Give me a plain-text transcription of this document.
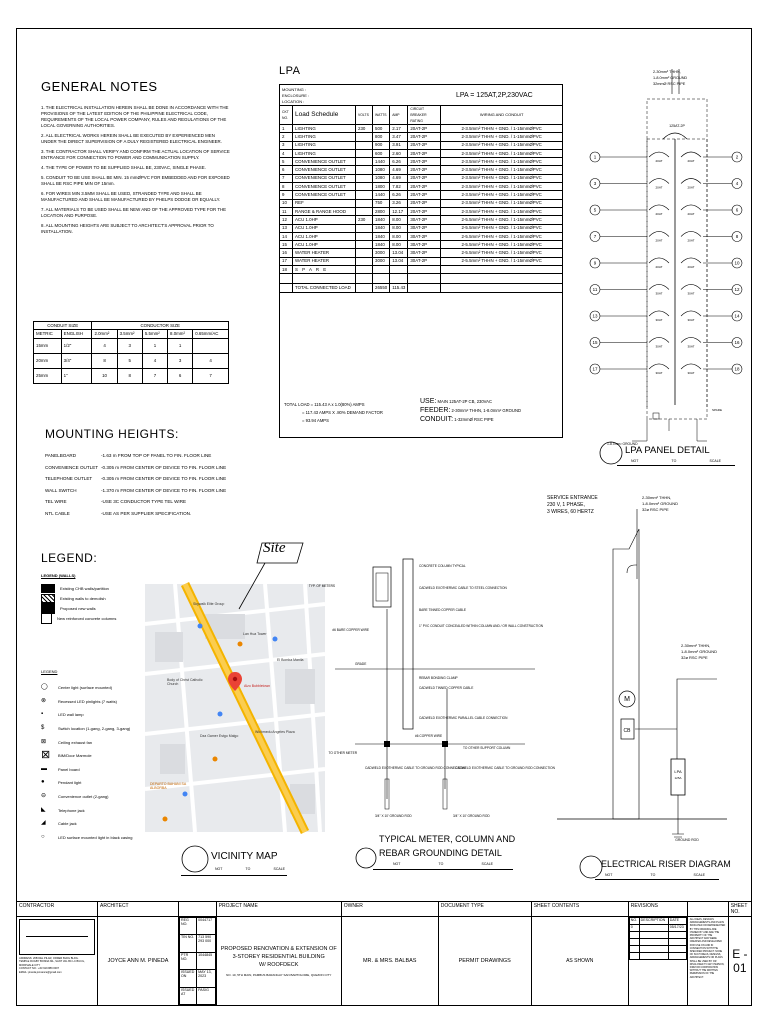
GENERAL NOTES

1. THE ELECTRICAL INSTALLATION HEREIN SHALL BE DONE IN ACCORDANCE WITH THE PROVISIONS OF THE LATEST EDITION OF THE PHILIPPINE ELECTRICAL CODE, REQUIREMENTS OF THE LOCAL POWER COMPANY, RULES AND REGULATIONS OF THE LOCAL GOVERNING AUTHORITIES.

2. ALL ELECTRICAL WORKS HEREIN SHALL BE EXECUTED BY EXPERIENCED MEN UNDER THE DIRECT SUPERVISION OF A DULY REGISTERED ELECTRICAL ENGINEER.

3. THE CONTRACTOR SHALL VERIFY AND CONFIRM THE ACTUAL LOCATION OF SERVICE ENTRANCE FOR CONNECTION TO POWER AND COMMUNICATION SUPPLY.

4. THE TYPE OF POWER TO BE SUPPLIED SHALL BE, 230VAC, SINGLE PHASE.

5. CONDUIT TO BE USE SHALL BE MIN. 15 mmØPVC FOR EMBEDDED AND FOR EXPOSED SHALL BE RSC PIPE MIN OF 15mm.

6. FOR WIRES MIN 3.5MM SHALL BE USED, STRANDED TYPE AND SHALL BE MANUFACTURED AND SHALL BE MANUFACTURED BY PHELPS DODGE OR EQUALLY.

7. ALL MATERIALS TO BE USED SHALL BE NEW AND OF THE APPROVED TYPE FOR THE LOCATION AND PURPOSE.

8. ALL MOUNTING HEIGHTS ARE SUBJECT TO ARCHITECT'S APPROVAL PRIOR TO INSTALLATION.

CONDUIT SIZE		CONDUCTOR SIZE				
METRIC	ENGLISH	2.0mm²	3.5mm²	5.5mm²	8.0mm²	0.65mm/AC
15mm	1/2"	4	3	1	1	
20mm	3/4"	8	5	4	3	4
25mm	1"	10	8	7	6	7
MOUNTING HEIGHTS:
PANELBOARD	-1.63 m FROM TOP OF PANEL TO FIN. FLOOR LINE
CONVENIENCE OUTLET -0.305 m FROM CENTER OF DEVICE TO FIN. FLOOR LINE
TELEPHONE OUTLET	-0.305 m FROM CENTER OF DEVICE TO FIN. FLOOR LINE
WALL SWITCH	-1.370 m FROM CENTER OF DEVICE TO FIN. FLOOR LINE
TEL WIRE	-USE 3C CONDUCTOR TYPE TEL WIRE
NTL CABLE	-USE AS PER SUPPLIER SPECIFICATION.
LEGEND:
LEGEND (WALLS)
Existing CHB walls/partition
Existing walls to demolish
Proposed new walls
New reinforced concrete columns
LEGEND
◯	Center light (surface mounted)
⊗	Recessed LED pinlights (7 watts)
▪	LED wall lamp
$	Switch location (1-gang, 2-gang, 3-gang)
⊠	Ceiling exhaust fan
⊠	BIM/Door Marmole
▬	Panel board
●	Pendant light
⊖	Convenience outlet (2-gang)
◣	Telephone jack
◢	Cable jack
○	LED surface mounted light in black casing
Skywalk Elite Group
Lan Hua Tower
El Bomba Manila
Body of Christ Catholic Church	Alzo Bubbletown
Dza Gamer Estgo Malgo
Wichmedu Angeles Plaza
DEPARTO BAHANI SA ALBORBA
Site
VICINITY MAP
NOT	TO	SCALE
LPA
MOUNTING :
ENCLOSURE :
LOCATION :
LPA = 125AT,2P,230VAC
CKT NO.	Load Schedule	VOLTS	WATTS	AMP	CIRCUIT BREAKER RATING	WIRING AND CONDUIT
1	LIGHTING	230	500	2.17	20AT-2P	2-3.5mm² THHN + GND. / 1-15mmØPVC
2	LIGHTING		800	3.47	20AT-2P	2-3.5mm² THHN + GND. / 1-15mmØPVC
3	LIGHTING		900	3.91	20AT-2P	2-3.5mm² THHN + GND. / 1-15mmØPVC
4	LIGHTING		600	2.60	20AT-2P	2-3.5mm² THHN + GND. / 1-15mmØPVC
5	CONVENIENCE OUTLET		1440	6.26	20AT-2P	2-3.5mm² THHN + GND. / 1-15mmØPVC
6	CONVENIENCE OUTLET		1080	4.69	20AT-2P	2-3.5mm² THHN + GND. / 1-15mmØPVC
7	CONVENIENCE OUTLET		1080	4.69	20AT-2P	2-3.5mm² THHN + GND. / 1-15mmØPVC
8	CONVENIENCE OUTLET		1800	7.82	20AT-2P	2-3.5mm² THHN + GND. / 1-15mmØPVC
9	CONVENIENCE OUTLET		1440	6.26	20AT-2P	2-3.5mm² THHN + GND. / 1-15mmØPVC
10	REF		750	3.26	20AT-2P	2-3.5mm² THHN + GND. / 1-15mmØPVC
11	RANGE & RANGE HOOD		2800	12.17	20AT-2P	2-3.5mm² THHN + GND. / 1-15mmØPVC
12	ACU 1.0HP	230	1840	8.00	30AT-2P	2-5.5mm² THHN + GND. / 1-15mmØPVC
13	ACU 1.0HP		1840	8.00	30AT-2P	2-5.5mm² THHN + GND. / 1-15mmØPVC
14	ACU 1.0HP		1840	8.00	30AT-2P	2-5.5mm² THHN + GND. / 1-15mmØPVC
15	ACU 1.0HP		1840	8.00	30AT-2P	2-5.5mm² THHN + GND. / 1-15mmØPVC
16	WATER HEATER		3000	13.04	30AT-2P	2-5.5mm² THHN + GND. / 1-15mmØPVC
17	WATER HEATER		3000	13.04	30AT-2P	2-5.5mm² THHN + GND. / 1-15mmØPVC
18	S P A R E					

	TOTAL CONNECTED LOAD		26550	115.43		
TOTAL LOAD = 115.43 A x 1.0(80%) AMPS
= 117.43 AMPS X .80% DEMAND FACTOR
= 93.94 AMPS
USE: MAIN 125AT-2P CB, 230VAC
FEEDER: 2-30mm² THHN, 1-8.0mm² GROUND
CONDUIT: 1-32mmØ RSC PIPE
2-30mm² THHN,
1-8.0mm² GROUND
32mmØ RSC PIPE
125AT-2P
1	2
20AT	20AT
3	4
20AT	20AT
5	6
20AT	20AT
7	8
20AT	20AT
9	10
20AT	20AT
11	12
30AT	30AT
13	14
30AT	30AT
15	16
30AT	30AT
17	18
30AT	30AT
SPARE
1-8.0mm² GROUND
LPA PANEL DETAIL
NOT	TO	SCALE
TYP. OF METERS
CONCRETE COLUMN TYPICAL
#6 BARE COPPER WIRE
CADWELD EXOTHERMIC CABLE TO STEEL CONNECTION
BARE TINNED COPPER CABLE
1" PVC CONDUIT CONCEALED WITHIN COLUMN AND / OR WALL CONSTRUCTION
GRADE
REBAR BONDING CLAMP
CADWELD TINNED COPPER CABLE
CADWELD EXOTHERMIC PARALLEL CABLE CONNECTION
#6 COPPER WIRE
TO OTHER METER
TO OTHER SUPPORT COLUMN
CADWELD EXOTHERMIC CABLE TO GROUND ROD CONNECTION
CADWELD EXOTHERMIC CABLE TO GROUND ROD CONNECTION
3/4" X 10' GROUND ROD	3/4" X 10' GROUND ROD
TYPICAL METER, COLUMN AND
REBAR GROUNDING DETAIL
NOT	TO	SCALE
SERVICE ENTRANCE
230 V, 1 PHASE,
3 WIRES, 60 HERTZ
2-30mm² THHN,
1-8.0mm² GROUND
32ø RSC PIPE
2-30mm² THHN,
1-8.0mm² GROUND
32ø RSC PIPE
M
CB
LPA
125A
GROUND ROD
ELECTRICAL RISER DIAGRAM
NOT	TO	SCALE
CONTRACTOR	ARCHITECT		PROJECT NAME	OWNER	DOCUMENT TYPE	SHEET CONTENTS	REVISIONS		SHEET NO.

ADDRESS: 26B DEL PILAR, ORDER BLDG BLDG.
TEMPLE RUGBY BONNA NIL, SANT VAL BC LC BUCIL, MORPHALE CITY
CONTACT NO.: +63 919 889 0007
EMAIL: pineda.jonnance@gmail.com
	JOYCE ANN M. PINEDA	
REG NO.	0044717
TIN NO.	713 590 293 000
PTR NO.	1044845
ISSUED ON	MAY 13, 2023
ISSUED AT	PASIG

PROPOSED RENOVATION & EXTENSION OF
3-STOREY RESIDENTIAL BUILDING
W/ ROOFDECK
NO. 10, 5TH MAIN, PAMBUS BARANGAY SAN BARTOLOME, QUEZON CITY
	MR. & MRS. BALBAS	PERMIT DRAWINGS	AS SHOWN	
NO.	DESCRIPTION	DATE
0		05/17/23

	ALL IDEAS, DESIGNS ARRANGEMENTS AND PLANS INDICATED OR REPRESENTED BY THIS DRAWING ARE OWNED BY AND ARE THE PROPERTY OF THE ARCHITECT AND WERE CREATED AND DEVELOPED FOR USE ON AND IN CONNECTION WITH THE SPECIFIED PROJECT. NONE OF SUCH IDEAS, DESIGNS, ARRANGEMENTS OR PLANS SHALL BE USED BY OR DISCLOSED TO ANY PERSON, FIRM OR CORPORATION WITHOUT THE WRITTEN PERMISSION OF THE ARCHITECT.	E - 01
